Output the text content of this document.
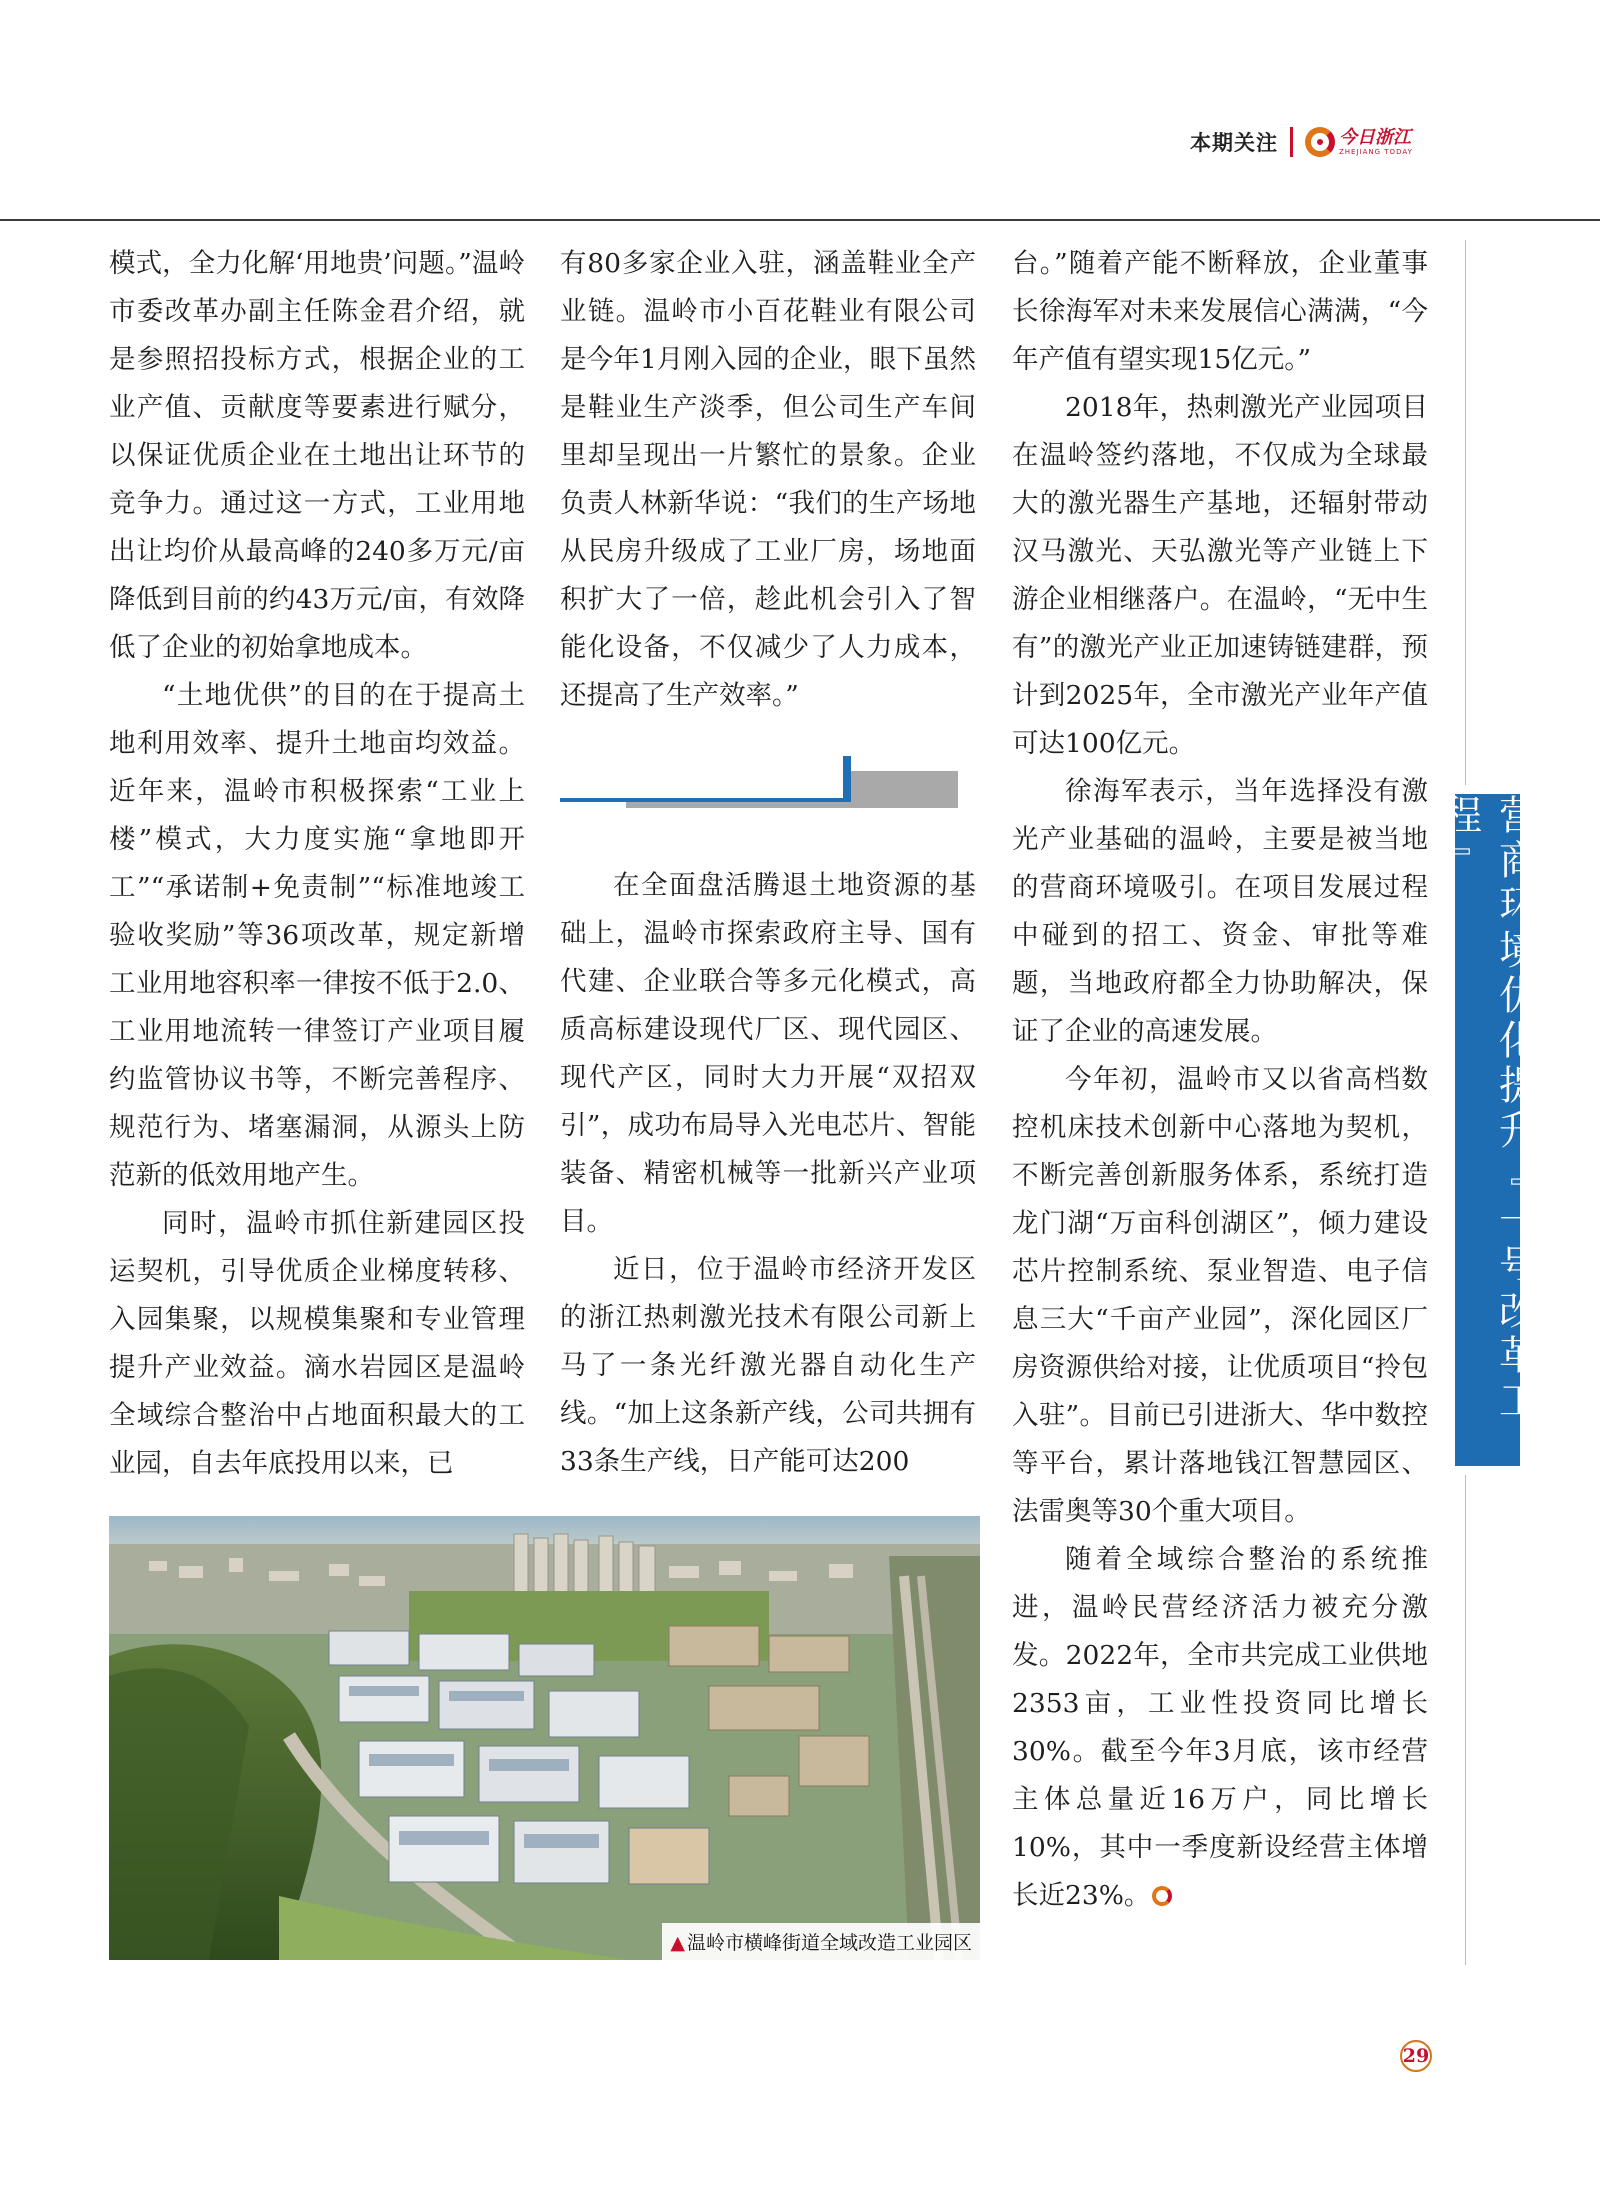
本期关注	今日浙江
ZHEJIANG TODAY

模式，全力化解‘用地贵’问题。”温岭市委改革办副主任陈金君介绍，就是参照招投标方式，根据企业的工业产值、贡献度等要素进行赋分，以保证优质企业在土地出让环节的竞争力。通过这一方式，工业用地出让均价从最高峰的240多万元/亩降低到目前的约43万元/亩，有效降低了企业的初始拿地成本。

“土地优供”的目的在于提高土地利用效率、提升土地亩均效益。近年来，温岭市积极探索“工业上楼”模式，大力度实施“拿地即开工”“承诺制+免责制”“标准地竣工验收奖励”等36项改革，规定新增工业用地容积率一律按不低于2.0、工业用地流转一律签订产业项目履约监管协议书等，不断完善程序、规范行为、堵塞漏洞，从源头上防范新的低效用地产生。

同时，温岭市抓住新建园区投运契机，引导优质企业梯度转移、入园集聚，以规模集聚和专业管理提升产业效益。滴水岩园区是温岭全域综合整治中占地面积最大的工业园，自去年底投用以来，已

有80多家企业入驻，涵盖鞋业全产业链。温岭市小百花鞋业有限公司是今年1月刚入园的企业，眼下虽然是鞋业生产淡季，但公司生产车间里却呈现出一片繁忙的景象。企业负责人林新华说：“我们的生产场地从民房升级成了工业厂房，场地面积扩大了一倍，趁此机会引入了智能化设备，不仅减少了人力成本，还提高了生产效率。”

在全面盘活腾退土地资源的基础上，温岭市探索政府主导、国有代建、企业联合等多元化模式，高质高标建设现代厂区、现代园区、现代产区，同时大力开展“双招双引”，成功布局导入光电芯片、智能装备、精密机械等一批新兴产业项目。

近日，位于温岭市经济开发区的浙江热刺激光技术有限公司新上马了一条光纤激光器自动化生产线。“加上这条新产线，公司共拥有33条生产线，日产能可达200

台。”随着产能不断释放，企业董事长徐海军对未来发展信心满满，“今年产值有望实现15亿元。”

2018年，热刺激光产业园项目在温岭签约落地，不仅成为全球最大的激光器生产基地，还辐射带动汉马激光、天弘激光等产业链上下游企业相继落户。在温岭，“无中生有”的激光产业正加速铸链建群，预计到2025年，全市激光产业年产值可达100亿元。

徐海军表示，当年选择没有激光产业基础的温岭，主要是被当地的营商环境吸引。在项目发展过程中碰到的招工、资金、审批等难题，当地政府都全力协助解决，保证了企业的高速发展。

今年初，温岭市又以省高档数控机床技术创新中心落地为契机，不断完善创新服务体系，系统打造龙门湖“万亩科创湖区”，倾力建设芯片控制系统、泵业智造、电子信息三大“千亩产业园”，深化园区厂房资源供给对接，让优质项目“拎包入驻”。目前已引进浙大、华中数控等平台，累计落地钱江智慧园区、法雷奥等30个重大项目。

随着全域综合整治的系统推进，温岭民营经济活力被充分激发。2022年，全市共完成工业供地2353亩，工业性投资同比增长30%。截至今年3月底，该市经营主体总量近16万户，同比增长10%，其中一季度新设经营主体增长近23%。

营商环境优化提升『一号改革工程』
▲ 温岭市横峰街道全域改造工业园区
29
